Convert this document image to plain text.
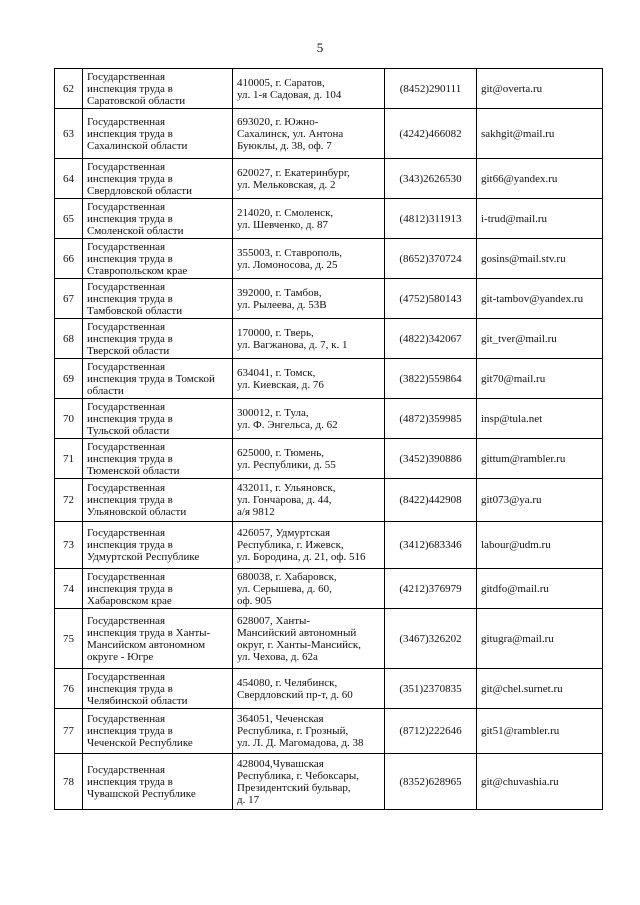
5
62	Государственная
инспекция труда в
Саратовской области	410005, г. Саратов,
ул. 1-я Садовая, д. 104	(8452)290111	git@overta.ru
63	Государственная
инспекция труда в
Сахалинской области	693020, г. Южно-
Сахалинск, ул. Антона
Буюклы, д. 38, оф. 7	(4242)466082	sakhgit@mail.ru
64	Государственная
инспекция труда в
Свердловской области	620027, г. Екатеринбург,
ул. Мельковская, д. 2	(343)2626530	git66@yandex.ru
65	Государственная
инспекция труда в
Смоленской области	214020, г. Смоленск,
ул. Шевченко, д. 87	(4812)311913	i-trud@mail.ru
66	Государственная
инспекция труда в
Ставропольском крае	355003, г. Ставрополь,
ул. Ломоносова, д. 25	(8652)370724	gosins@mail.stv.ru
67	Государственная
инспекция труда в
Тамбовской области	392000, г. Тамбов,
ул. Рылеева, д. 53В	(4752)580143	git-tambov@yandex.ru
68	Государственная
инспекция труда в
Тверской области	170000, г. Тверь,
ул. Вагжанова, д. 7, к. 1	(4822)342067	git_tver@mail.ru
69	Государственная
инспекция труда в Томской
области	634041, г. Томск,
ул. Киевская, д. 76	(3822)559864	git70@mail.ru
70	Государственная
инспекция труда в
Тульской области	300012, г. Тула,
ул. Ф. Энгельса, д. 62	(4872)359985	insp@tula.net
71	Государственная
инспекция труда в
Тюменской области	625000, г. Тюмень,
ул. Республики, д. 55	(3452)390886	gittum@rambler.ru
72	Государственная
инспекция труда в
Ульяновской области	432011, г. Ульяновск,
ул. Гончарова, д. 44,
а/я 9812	(8422)442908	git073@ya.ru
73	Государственная
инспекция труда в
Удмуртской Республике	426057, Удмуртская
Республика, г. Ижевск,
ул. Бородина, д. 21, оф. 516	(3412)683346	labour@udm.ru
74	Государственная
инспекция труда в
Хабаровском крае	680038, г. Хабаровск,
ул. Серышева, д. 60,
оф. 905	(4212)376979	gitdfo@mail.ru
75	Государственная
инспекция труда в Ханты-
Мансийском автономном
округе - Югре	628007, Ханты-
Мансийский автономный
округ, г. Ханты-Мансийск,
ул. Чехова, д. 62а	(3467)326202	gitugra@mail.ru
76	Государственная
инспекция труда в
Челябинской области	454080, г. Челябинск,
Свердловский пр-т, д. 60	(351)2370835	git@chel.surnet.ru
77	Государственная
инспекция труда в
Чеченской Республике	364051, Чеченская
Республика, г. Грозный,
ул. Л. Д. Магомадова, д. 38	(8712)222646	git51@rambler.ru
78	Государственная
инспекция труда в
Чувашской Республике	428004,Чувашская
Республика, г. Чебоксары,
Президентский бульвар,
д. 17	(8352)628965	git@chuvashia.ru
